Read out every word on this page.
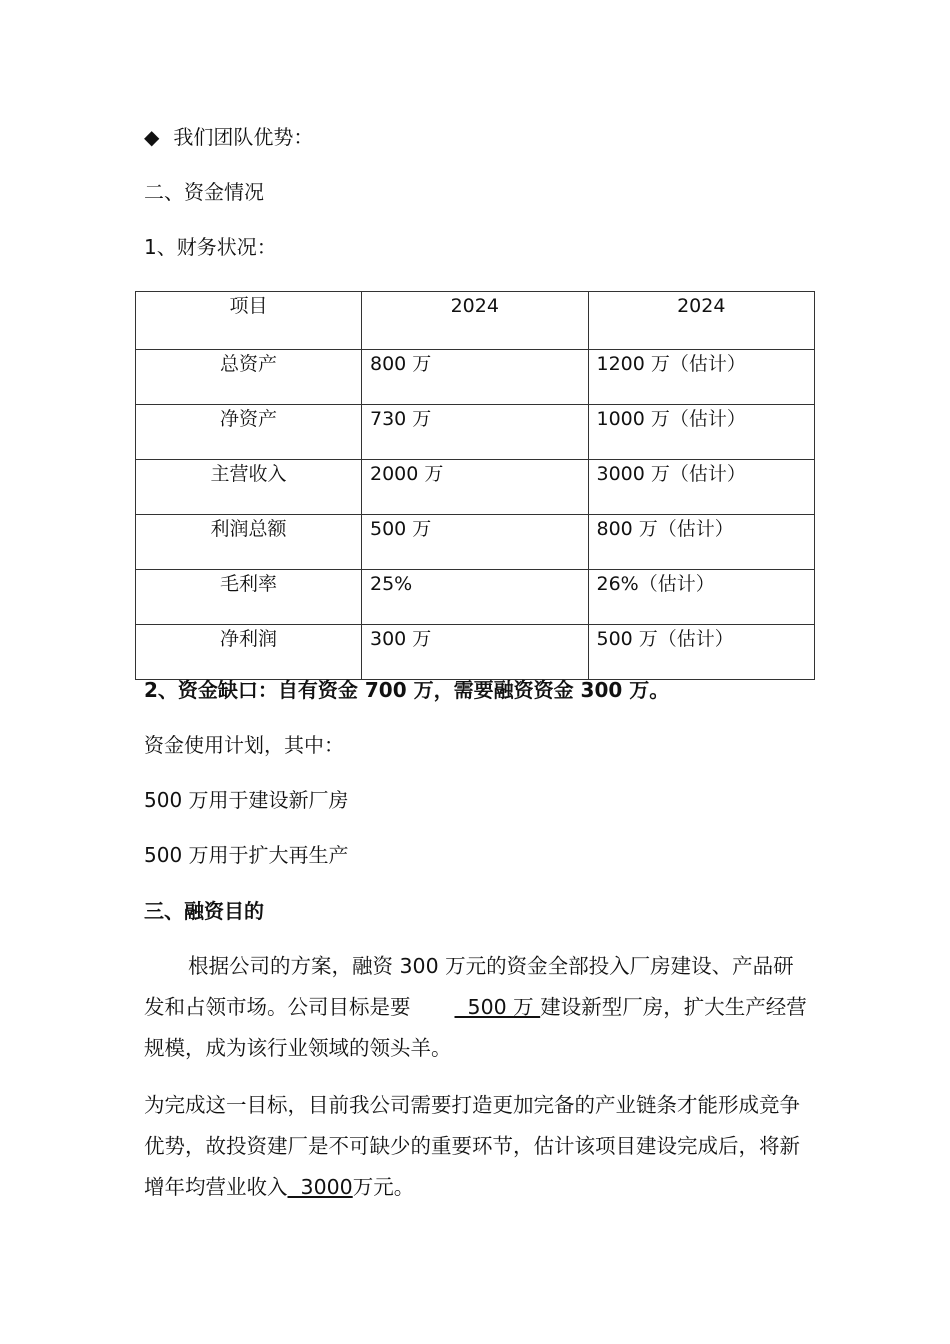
◆ 我们团队优势：
二、资金情况
1、财务状况：
项目	2024	2024
总资产	800 万	1200 万（估计）
净资产	730 万	1000 万（估计）
主营收入	2000 万	3000 万（估计）
利润总额	500 万	800 万（估计）
毛利率	25%	26%（估计）
净利润	300 万	500 万（估计）
2、资金缺口：自有资金 700 万，需要融资资金 300 万。
资金使用计划，其中：
500 万用于建设新厂房
500 万用于扩大再生产
三、融资目的
根据公司的方案，融资 300 万元的资金全部投入厂房建设、产品研发和占领市场。公司目标是要  500 万 建设新型厂房，扩大生产经营规模，成为该行业领域的领头羊。
为完成这一目标，目前我公司需要打造更加完备的产业链条才能形成竞争优势，故投资建厂是不可缺少的重要环节，估计该项目建设完成后，将新增年均营业收入  3000万元。
